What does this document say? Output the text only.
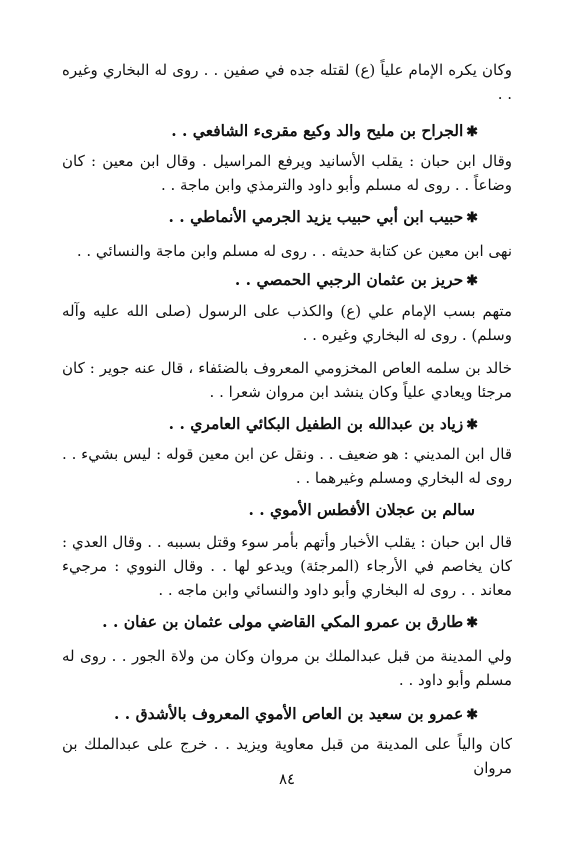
وكان يكره الإمام علياً (ع) لقتله جده في صفين . . روى له البخاري وغيره . .
✱الجراح بن مليح والد وكيع مقرىء الشافعي . .
وقال ابن حبان : يقلب الأسانيد ويرفع المراسيل . وقال ابن معين : كان وضاعاً . . روى له مسلم وأبو داود والترمذي وابن ماجة . .
✱حبيب ابن أبي حبيب يزيد الجرمي الأنماطي . .
نهى ابن معين عن كتابة حديثه . . روى له مسلم وابن ماجة والنسائي . .
✱حريز بن عثمان الرجبي الحمصي . .
متهم بسب الإمام علي (ع) والكذب على الرسول (صلى الله عليه وآله وسلم) . روى له البخاري وغيره . .
خالد بن سلمه العاص المخزومي المعروف بالضئفاء ، قال عنه جوير : كان مرجئا ويعادي علياً وكان ينشد ابن مروان شعرا . .
✱زياد بن عبدالله بن الطفيل البكائي العامري . .
قال ابن المديني : هو ضعيف . . ونقل عن ابن معين قوله : ليس بشيء . . روى له البخاري ومسلم وغيرهما . .
سالم بن عجلان الأفطس الأموي . .
قال ابن حبان : يقلب الأخبار وأتهم بأمر سوء وقتل بسببه . . وقال العدي : كان يخاصم في الأرجاء (المرجئة) ويدعو لها . . وقال النووي : مرجيء معاند . . روى له البخاري وأبو داود والنسائي وابن ماجه . .
✱طارق بن عمرو المكي القاضي مولى عثمان بن عفان . .
ولي المدينة من قبل عبدالملك بن مروان وكان من ولاة الجور . . روى له مسلم وأبو داود . .
✱عمرو بن سعيد بن العاص الأموي المعروف بالأشدق . .
كان والياً على المدينة من قبل معاوية ويزيد . . خرج على عبدالملك بن مروان
٨٤
